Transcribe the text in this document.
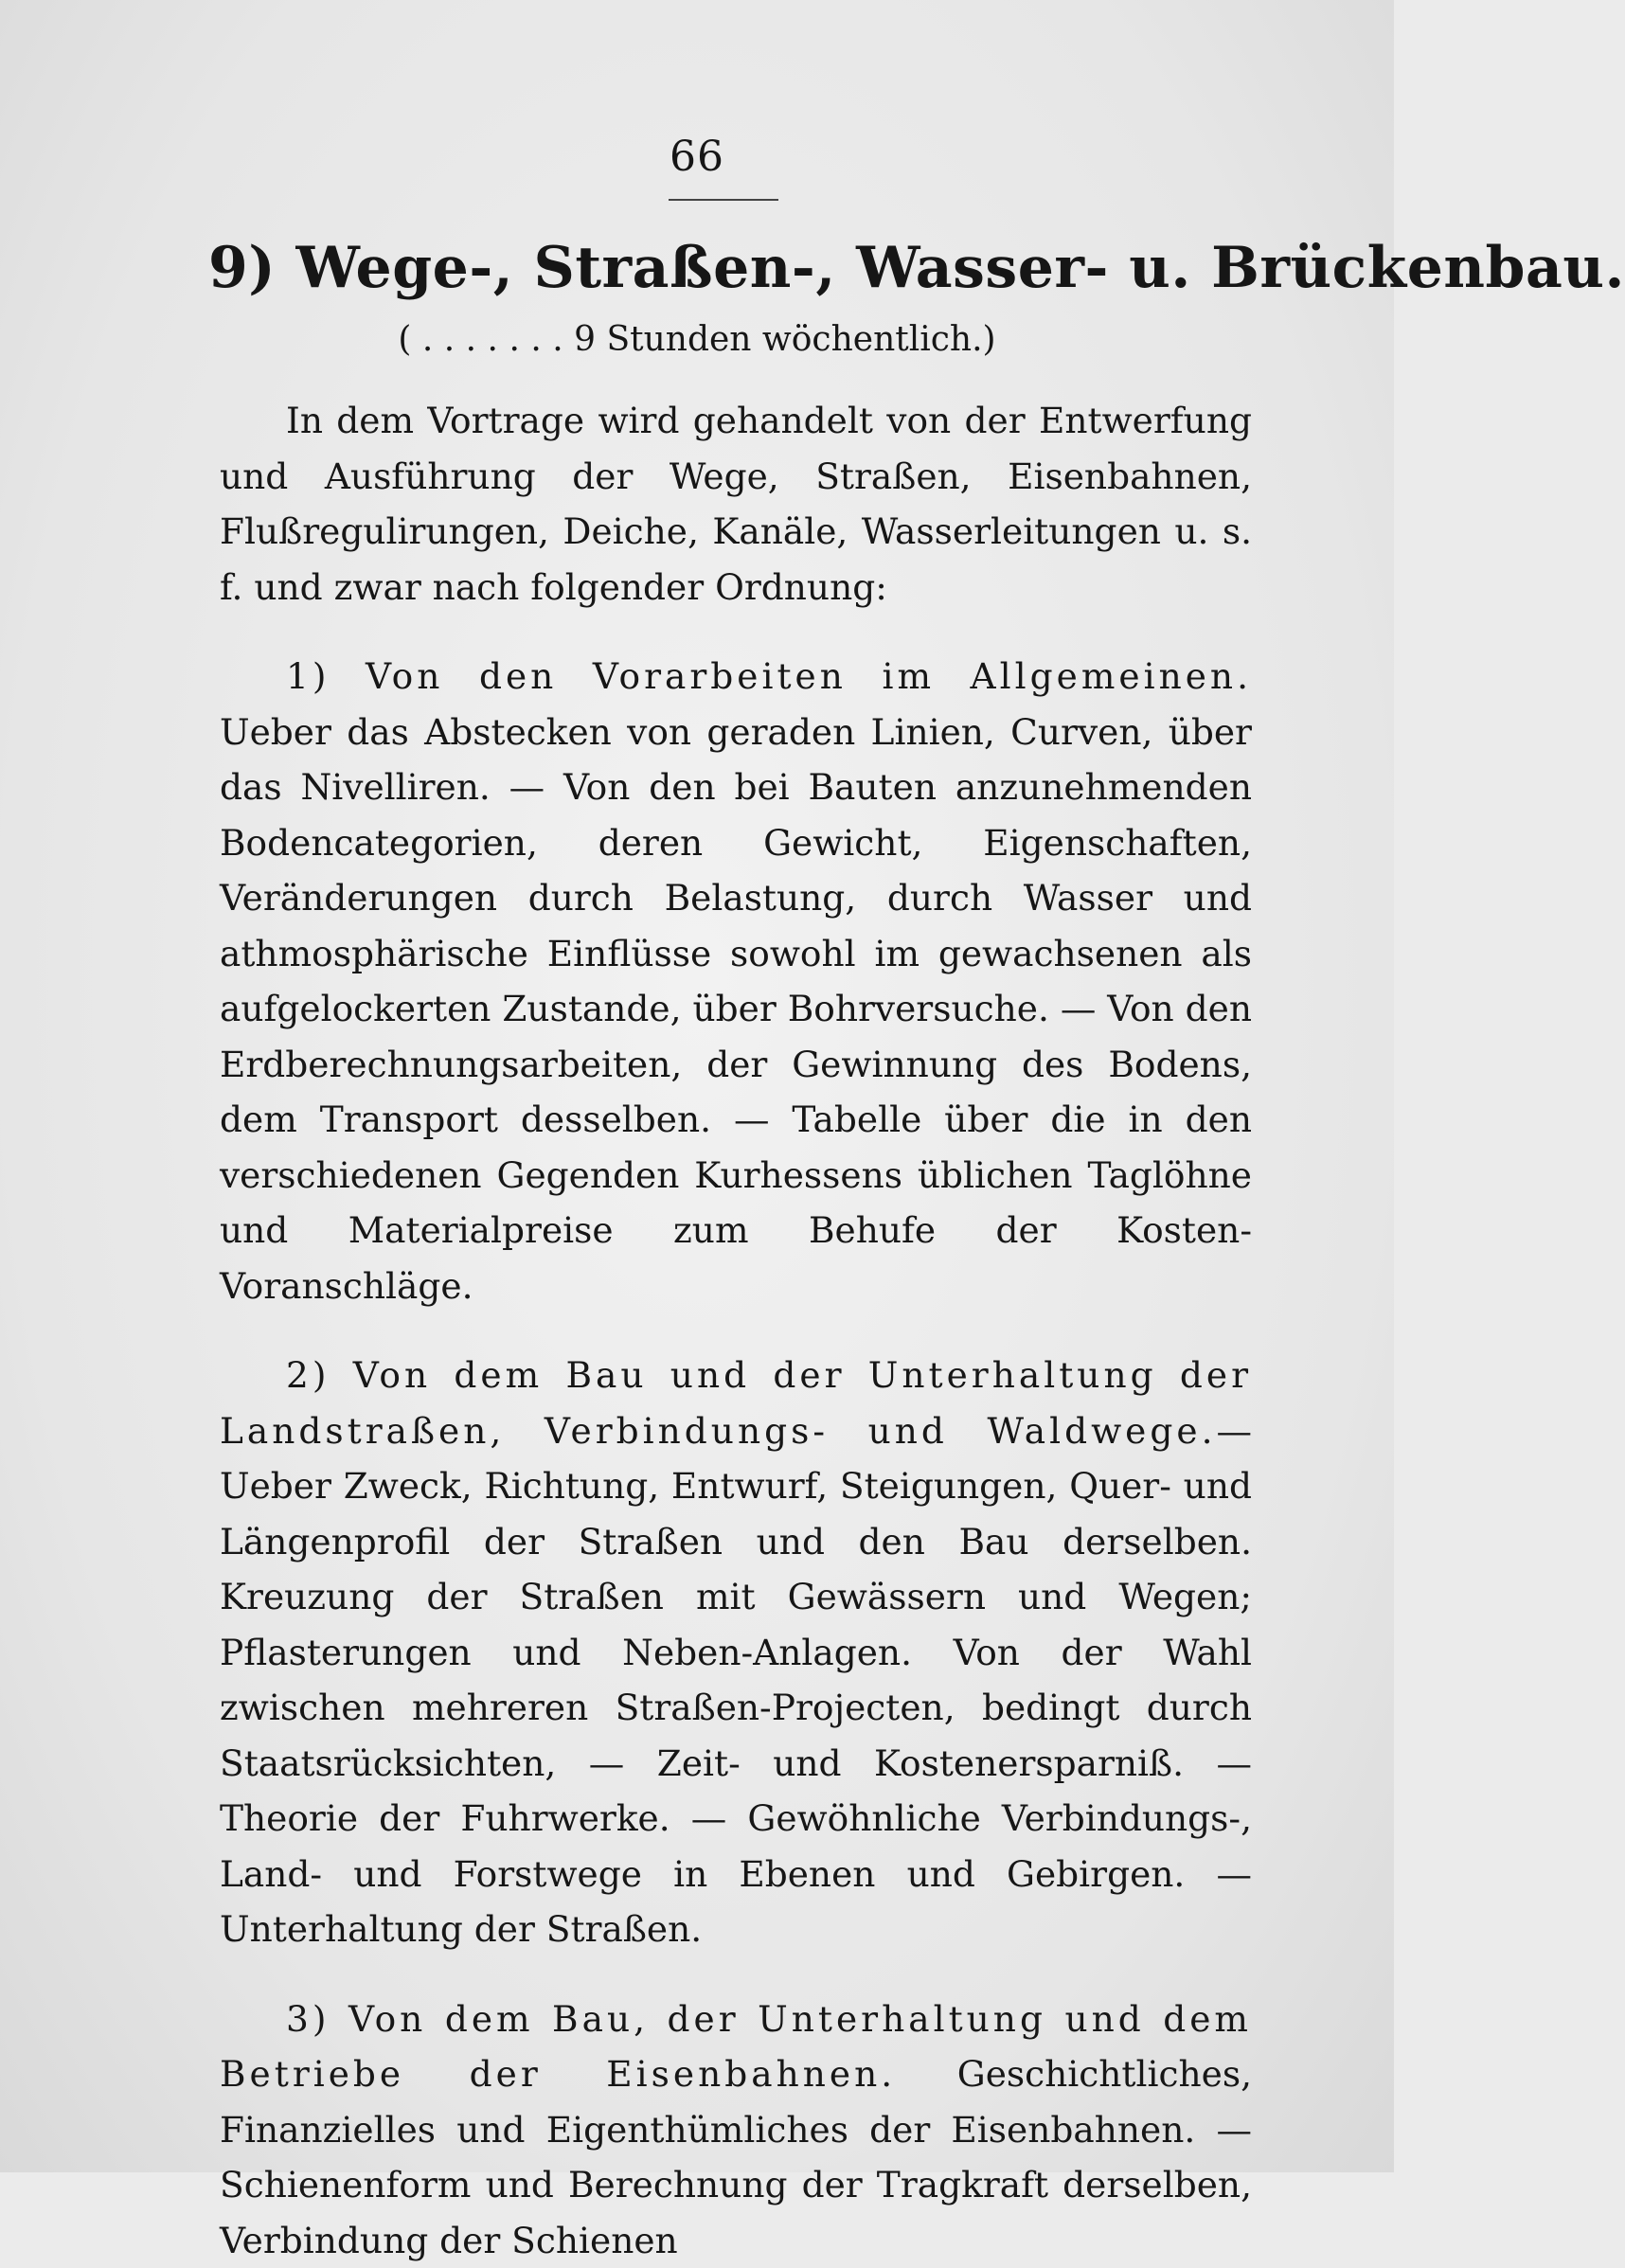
66
9) Wege-, Straßen-, Wasser- u. Brückenbau.
( . . . . . . . 9 Stunden wöchentlich.)

In dem Vortrage wird gehandelt von der Entwerfung und Ausführung der Wege, Straßen, Eisenbahnen, Flußregulirungen, Deiche, Kanäle, Wasserleitungen u. s. f. und zwar nach folgender Ordnung:

1) Von den Vorarbeiten im Allgemeinen. Ueber das Abstecken von geraden Linien, Curven, über das Nivelliren. — Von den bei Bauten anzunehmenden Bodencategorien, deren Gewicht, Eigenschaften, Veränderungen durch Belastung, durch Wasser und athmosphärische Einflüsse sowohl im gewachsenen als aufgelockerten Zustande, über Bohrversuche. — Von den Erdberechnungsarbeiten, der Gewinnung des Bodens, dem Transport desselben. — Tabelle über die in den verschiedenen Gegenden Kurhessens üblichen Taglöhne und Materialpreise zum Behufe der Kosten-Voranschläge.

2) Von dem Bau und der Unterhaltung der Landstraßen, Verbindungs- und Waldwege.— Ueber Zweck, Richtung, Entwurf, Steigungen, Quer- und Längenprofil der Straßen und den Bau derselben. Kreuzung der Straßen mit Gewässern und Wegen; Pflasterungen und Neben-Anlagen. Von der Wahl zwischen mehreren Straßen-Projecten, bedingt durch Staatsrücksichten, — Zeit- und Kostenersparniß. — Theorie der Fuhrwerke. — Gewöhnliche Verbindungs-, Land- und Forstwege in Ebenen und Gebirgen. — Unterhaltung der Straßen.

3) Von dem Bau, der Unterhaltung und dem Betriebe der Eisenbahnen. Geschichtliches, Finanzielles und Eigenthümliches der Eisenbahnen. — Schienenform und Berechnung der Tragkraft derselben, Verbindung der Schienen
